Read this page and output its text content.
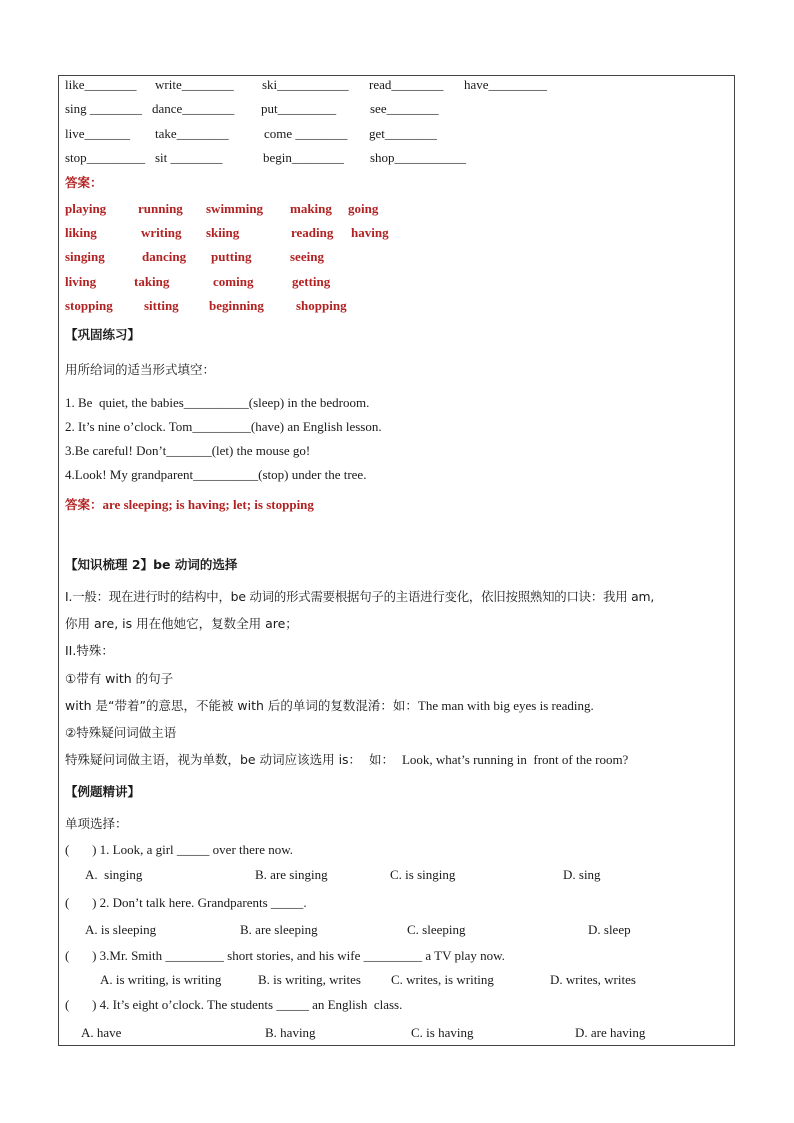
like________ write________ ski___________ read________ have_________
sing ________ dance________ put_________	see________
live_______ take________	come ________ get________
stop_________ sit ________	begin________ shop___________
答案：
playing running swimming making going
liking	writing skiing	reading having
singing	dancing putting	seeing
living	taking	coming	getting
stopping sitting beginning shopping
【巩固练习】
用所给词的适当形式填空：
1. Be  quiet, the babies__________(sleep) in the bedroom.
2. It’s nine o’clock. Tom_________(have) an English lesson.
3.Be careful! Don’t_______(let) the mouse go!
4.Look! My grandparent__________(stop) under the tree.
答案：are sleeping; is having; let; is stopping
【知识梳理 2】be 动词的选择
I.一般：现在进行时的结构中，be 动词的形式需要根据句子的主语进行变化，依旧按照熟知的口诀：我用 am,
你用 are, is 用在他她它，复数全用 are；
II.特殊：
①带有 with 的句子
with 是“带着”的意思，不能被 with 后的单词的复数混淆：如：The man with big eyes is reading.
②特殊疑问词做主语
特殊疑问词做主语，视为单数，be 动词应该选用 is：  如：  Look, what’s running in  front of the room?
【例题精讲】
单项选择：
(       ) 1. Look, a girl _____ over there now.
A.  singing	B. are singing	C. is singing	D. sing
(       ) 2. Don’t talk here. Grandparents _____.
A. is sleeping	B. are sleeping	C. sleeping	D. sleep
(       ) 3.Mr. Smith _________ short stories, and his wife _________ a TV play now.
A. is writing, is writing	B. is writing, writes C. writes, is writing	D. writes, writes
(       ) 4. It’s eight o’clock. The students _____ an English  class.
A. have	B. having	C. is having	D. are having
